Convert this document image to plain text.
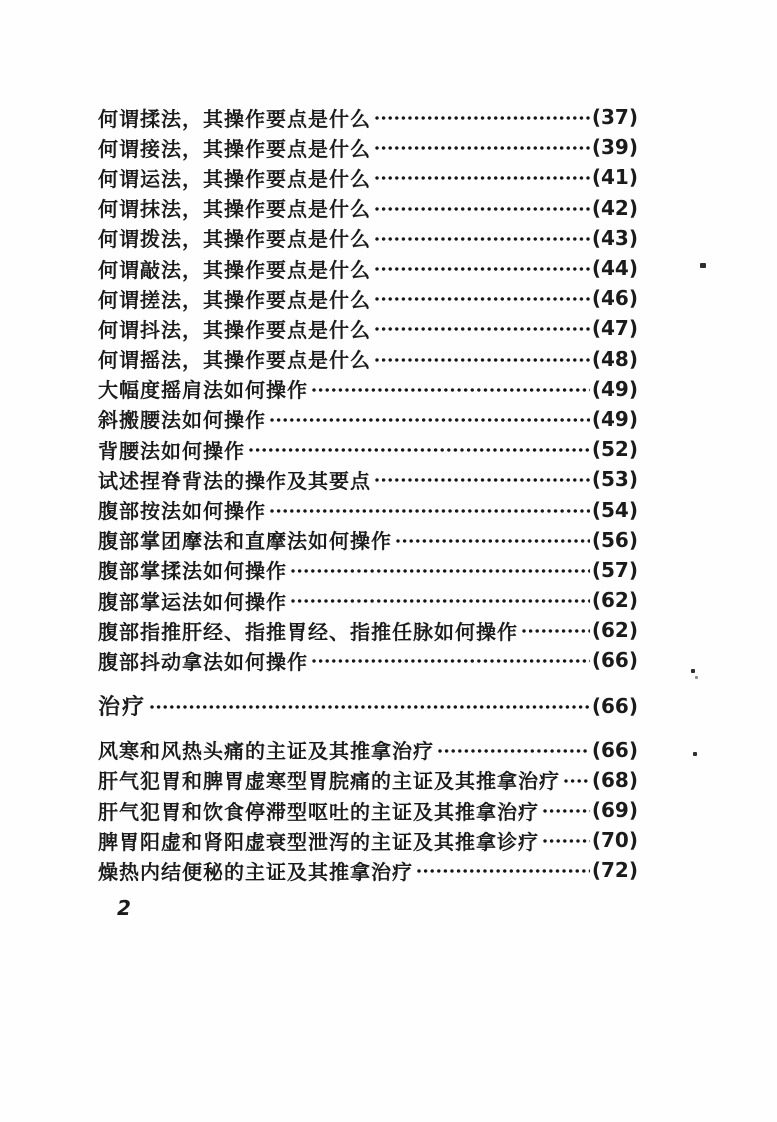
何谓揉法，其操作要点是什么	(37)
何谓接法，其操作要点是什么	(39)
何谓运法，其操作要点是什么	(41)
何谓抹法，其操作要点是什么	(42)
何谓拨法，其操作要点是什么	(43)
何谓敲法，其操作要点是什么	(44)
何谓搓法，其操作要点是什么	(46)
何谓抖法，其操作要点是什么	(47)
何谓摇法，其操作要点是什么	(48)
大幅度摇肩法如何操作	(49)
斜搬腰法如何操作	(49)
背腰法如何操作	(52)
试述捏脊背法的操作及其要点	(53)
腹部按法如何操作	(54)
腹部掌团摩法和直摩法如何操作	(56)
腹部掌揉法如何操作	(57)
腹部掌运法如何操作	(62)
腹部指推肝经、指推胃经、指推任脉如何操作	(62)
腹部抖动拿法如何操作	(66)
治疗	(66)
风寒和风热头痛的主证及其推拿治疗	(66)
肝气犯胃和脾胃虚寒型胃脘痛的主证及其推拿治疗 (68)
肝气犯胃和饮食停滞型呕吐的主证及其推拿治疗	(69)
脾胃阳虚和肾阳虚衰型泄泻的主证及其推拿诊疗	(70)
燥热内结便秘的主证及其推拿治疗	(72)
2
